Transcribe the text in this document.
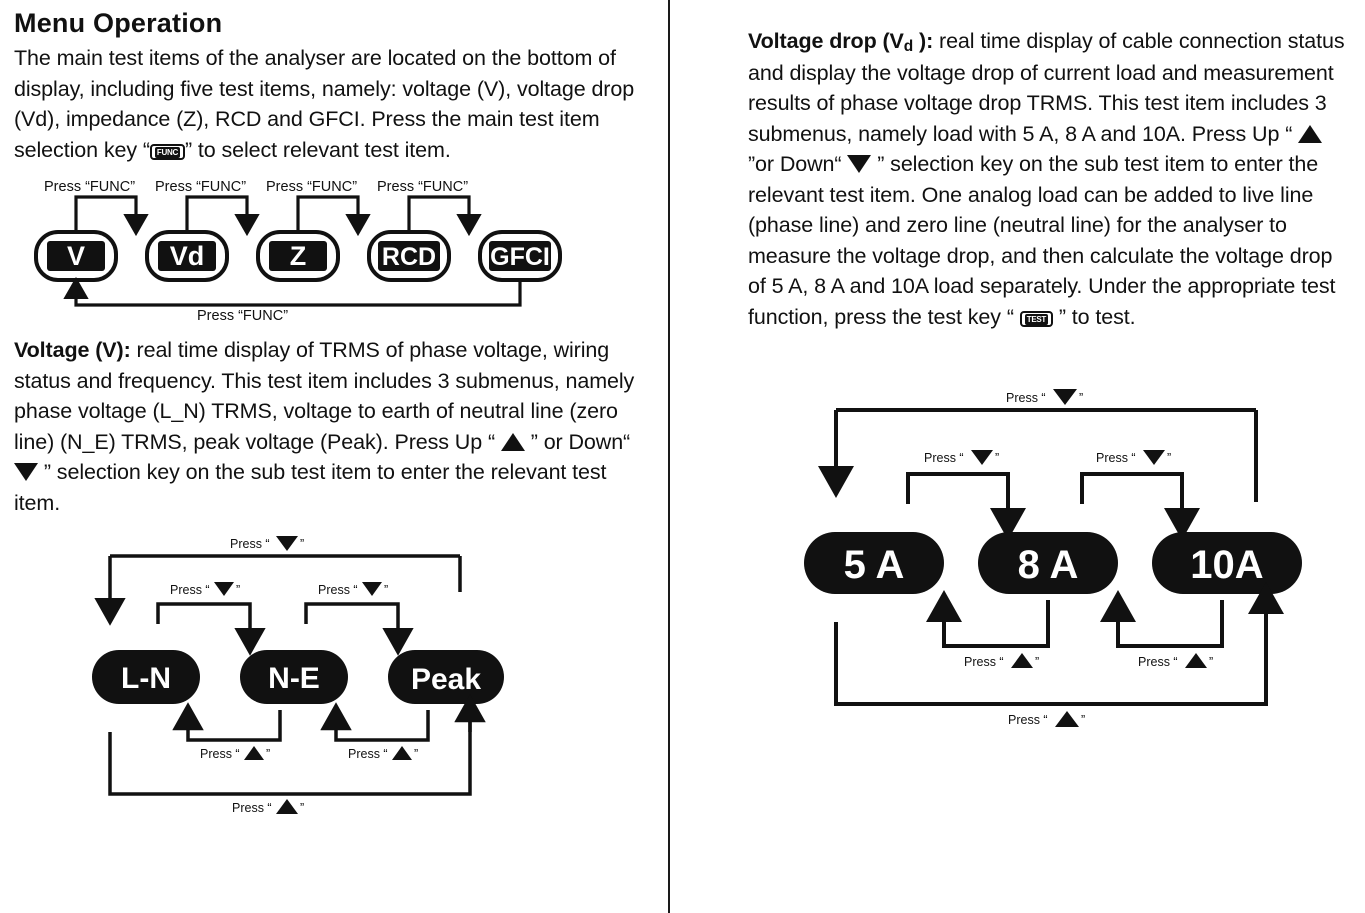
Menu Operation

The main test items of the analyser are located on the bottom of display, including five test items, namely: voltage (V), voltage drop (Vd), impedance (Z), RCD and GFCI. Press the main test item selection key “ FUNC ” to select relevant test item.

Press “FUNC” Press “FUNC” Press “FUNC” Press “FUNC”
V	Vd	Z	RCD GFCI
Press “FUNC”

Voltage (V): real time display of TRMS of phase voltage, wiring status and frequency. This test item includes 3 submenus, namely phase voltage (L_N) TRMS, voltage to earth of neutral line (zero line) (N_E) TRMS, peak voltage (Peak). Press Up “  ” or Down“  ” selection key on the sub test item to enter the relevant test item.

Press “ ”
Press “ ”	Press “ ”
L-N	N-E	Peak
Press “ ”	Press “ ”
Press “ ”

Voltage drop (Vd ): real time display of cable connection status and display the voltage drop of current load and measurement results of phase voltage drop TRMS. This test item includes 3 submenus, namely load with 5 A, 8 A and 10A. Press Up “  ”or Down“  ” selection key on the sub test item to enter the relevant test item. One analog load can be added to live line (phase line) and zero line (neutral line) for the analyser to measure the voltage drop, and then calculate the voltage drop of 5 A, 8 A and 10A load separately. Under the appropriate test function, press the test key “ TEST ” to test.

Press “	”
Press “	”	Press “	”
5 A	8 A	10A
Press “	”	Press “	”
Press “	”
